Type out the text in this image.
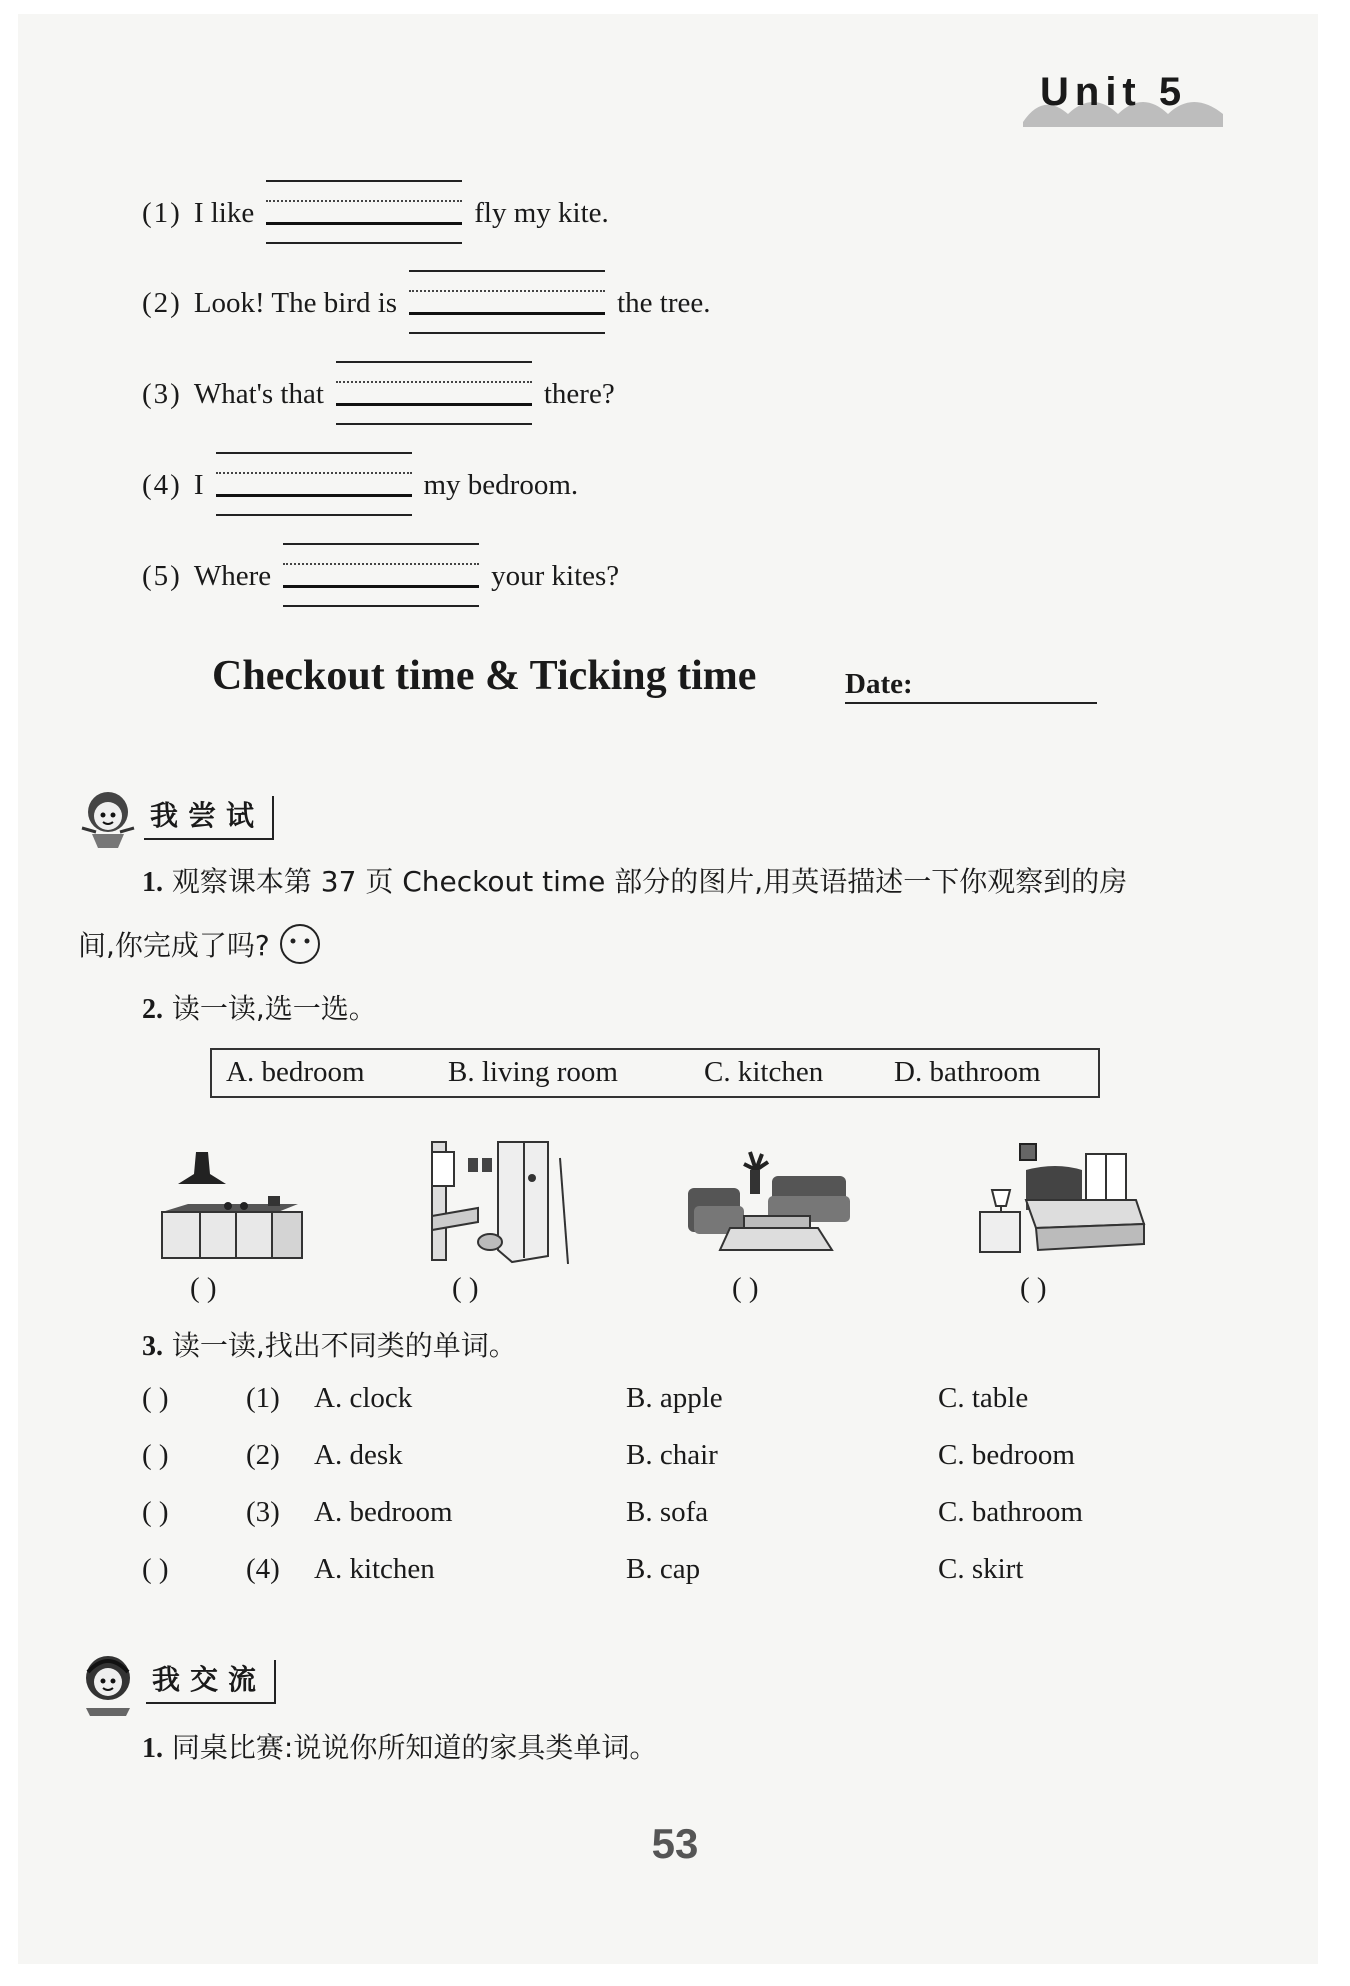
Unit 5
(1) I like	fly my kite.
(2) Look! The bird is	the tree.
(3) What's that	there?
(4) I	my bedroom.
(5) Where	your kites?
Checkout time & Ticking time	Date:
我尝试
1. 观察课本第 37 页 Checkout time 部分的图片,用英语描述一下你观察到的房
间,你完成了吗?
2. 读一读,选一选。
A. bedroom	B. living room	C. kitchen D. bathroom
( )	( )	( )	( )
3. 读一读,找出不同类的单词。
( )	(1) A. clock	B. apple	C. table
( )	(2) A. desk	B. chair	C. bedroom
( )	(3) A. bedroom	B. sofa	C. bathroom
( )	(4) A. kitchen	B. cap	C. skirt
我交流
1. 同桌比赛:说说你所知道的家具类单词。
53
